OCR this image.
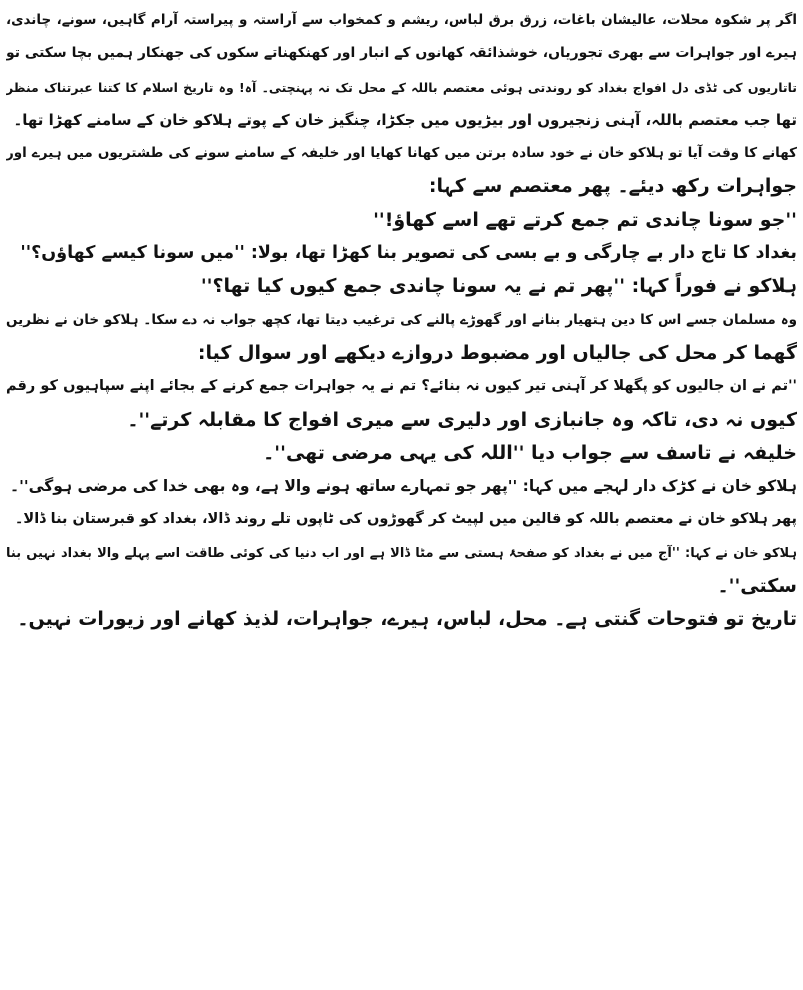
اگر پر شکوہ محلات، عالیشان باغات، زرق برق لباس، ریشم و کمخواب سے آراستہ و پیراستہ آرام گاہیں، سونے، چاندی،
ہیرے اور جواہرات سے بھری تجوریاں، خوشذائقہ کھانوں کے انبار اور کھنکھناتے سکوں کی جھنکار ہمیں بچا سکتی تو
تاتاریوں کی ٹڈی دل افواج بغداد کو روندتی ہوئی معتصم باللہ کے محل تک نہ پہنچتی۔ آہ! وہ تاریخ اسلام کا کتنا عبرتناک منظر
تھا جب معتصم باللہ، آہنی زنجیروں اور بیڑیوں میں جکڑا، چنگیز خان کے پوتے ہلاکو خان کے سامنے کھڑا تھا۔
کھانے کا وقت آیا تو ہلاکو خان نے خود سادہ برتن میں کھانا کھایا اور خلیفہ کے سامنے سونے کی طشتریوں میں ہیرے اور
جواہرات رکھ دیئے۔ پھر معتصم سے کہا:
''جو سونا چاندی تم جمع کرتے تھے اسے کھاؤ!''
بغداد کا تاج دار بے چارگی و بے بسی کی تصویر بنا کھڑا تھا، بولا: ''میں سونا کیسے کھاؤں؟''
ہلاکو نے فوراً کہا: ''پھر تم نے یہ سونا چاندی جمع کیوں کیا تھا؟''
وہ مسلمان جسے اس کا دین ہتھیار بنانے اور گھوڑے پالنے کی ترغیب دیتا تھا، کچھ جواب نہ دے سکا۔ ہلاکو خان نے نظریں
گھما کر محل کی جالیاں اور مضبوط دروازے دیکھے اور سوال کیا:
''تم نے ان جالیوں کو پگھلا کر آہنی تیر کیوں نہ بنائے؟ تم نے یہ جواہرات جمع کرنے کے بجائے اپنے سپاہیوں کو رقم
کیوں نہ دی، تاکہ وہ جانبازی اور دلیری سے میری افواج کا مقابلہ کرتے''۔
خلیفہ نے تاسف سے جواب دیا ''اللہ کی یہی مرضی تھی''۔
ہلاکو خان نے کڑک دار لہجے میں کہا: ''پھر جو تمہارے ساتھ ہونے والا ہے، وہ بھی خدا کی مرضی ہوگی''۔
پھر ہلاکو خان نے معتصم باللہ کو قالین میں لپیٹ کر گھوڑوں کی ٹاپوں تلے روند ڈالا، بغداد کو قبرستان بنا ڈالا۔
ہلاکو خان نے کہا: ''آج میں نے بغداد کو صفحۂ ہستی سے مٹا ڈالا ہے اور اب دنیا کی کوئی طاقت اسے پہلے والا بغداد نہیں بنا
سکتی''۔
تاریخ تو فتوحات گنتی ہے۔ محل، لباس، ہیرے، جواہرات، لذیذ کھانے اور زیورات نہیں۔
